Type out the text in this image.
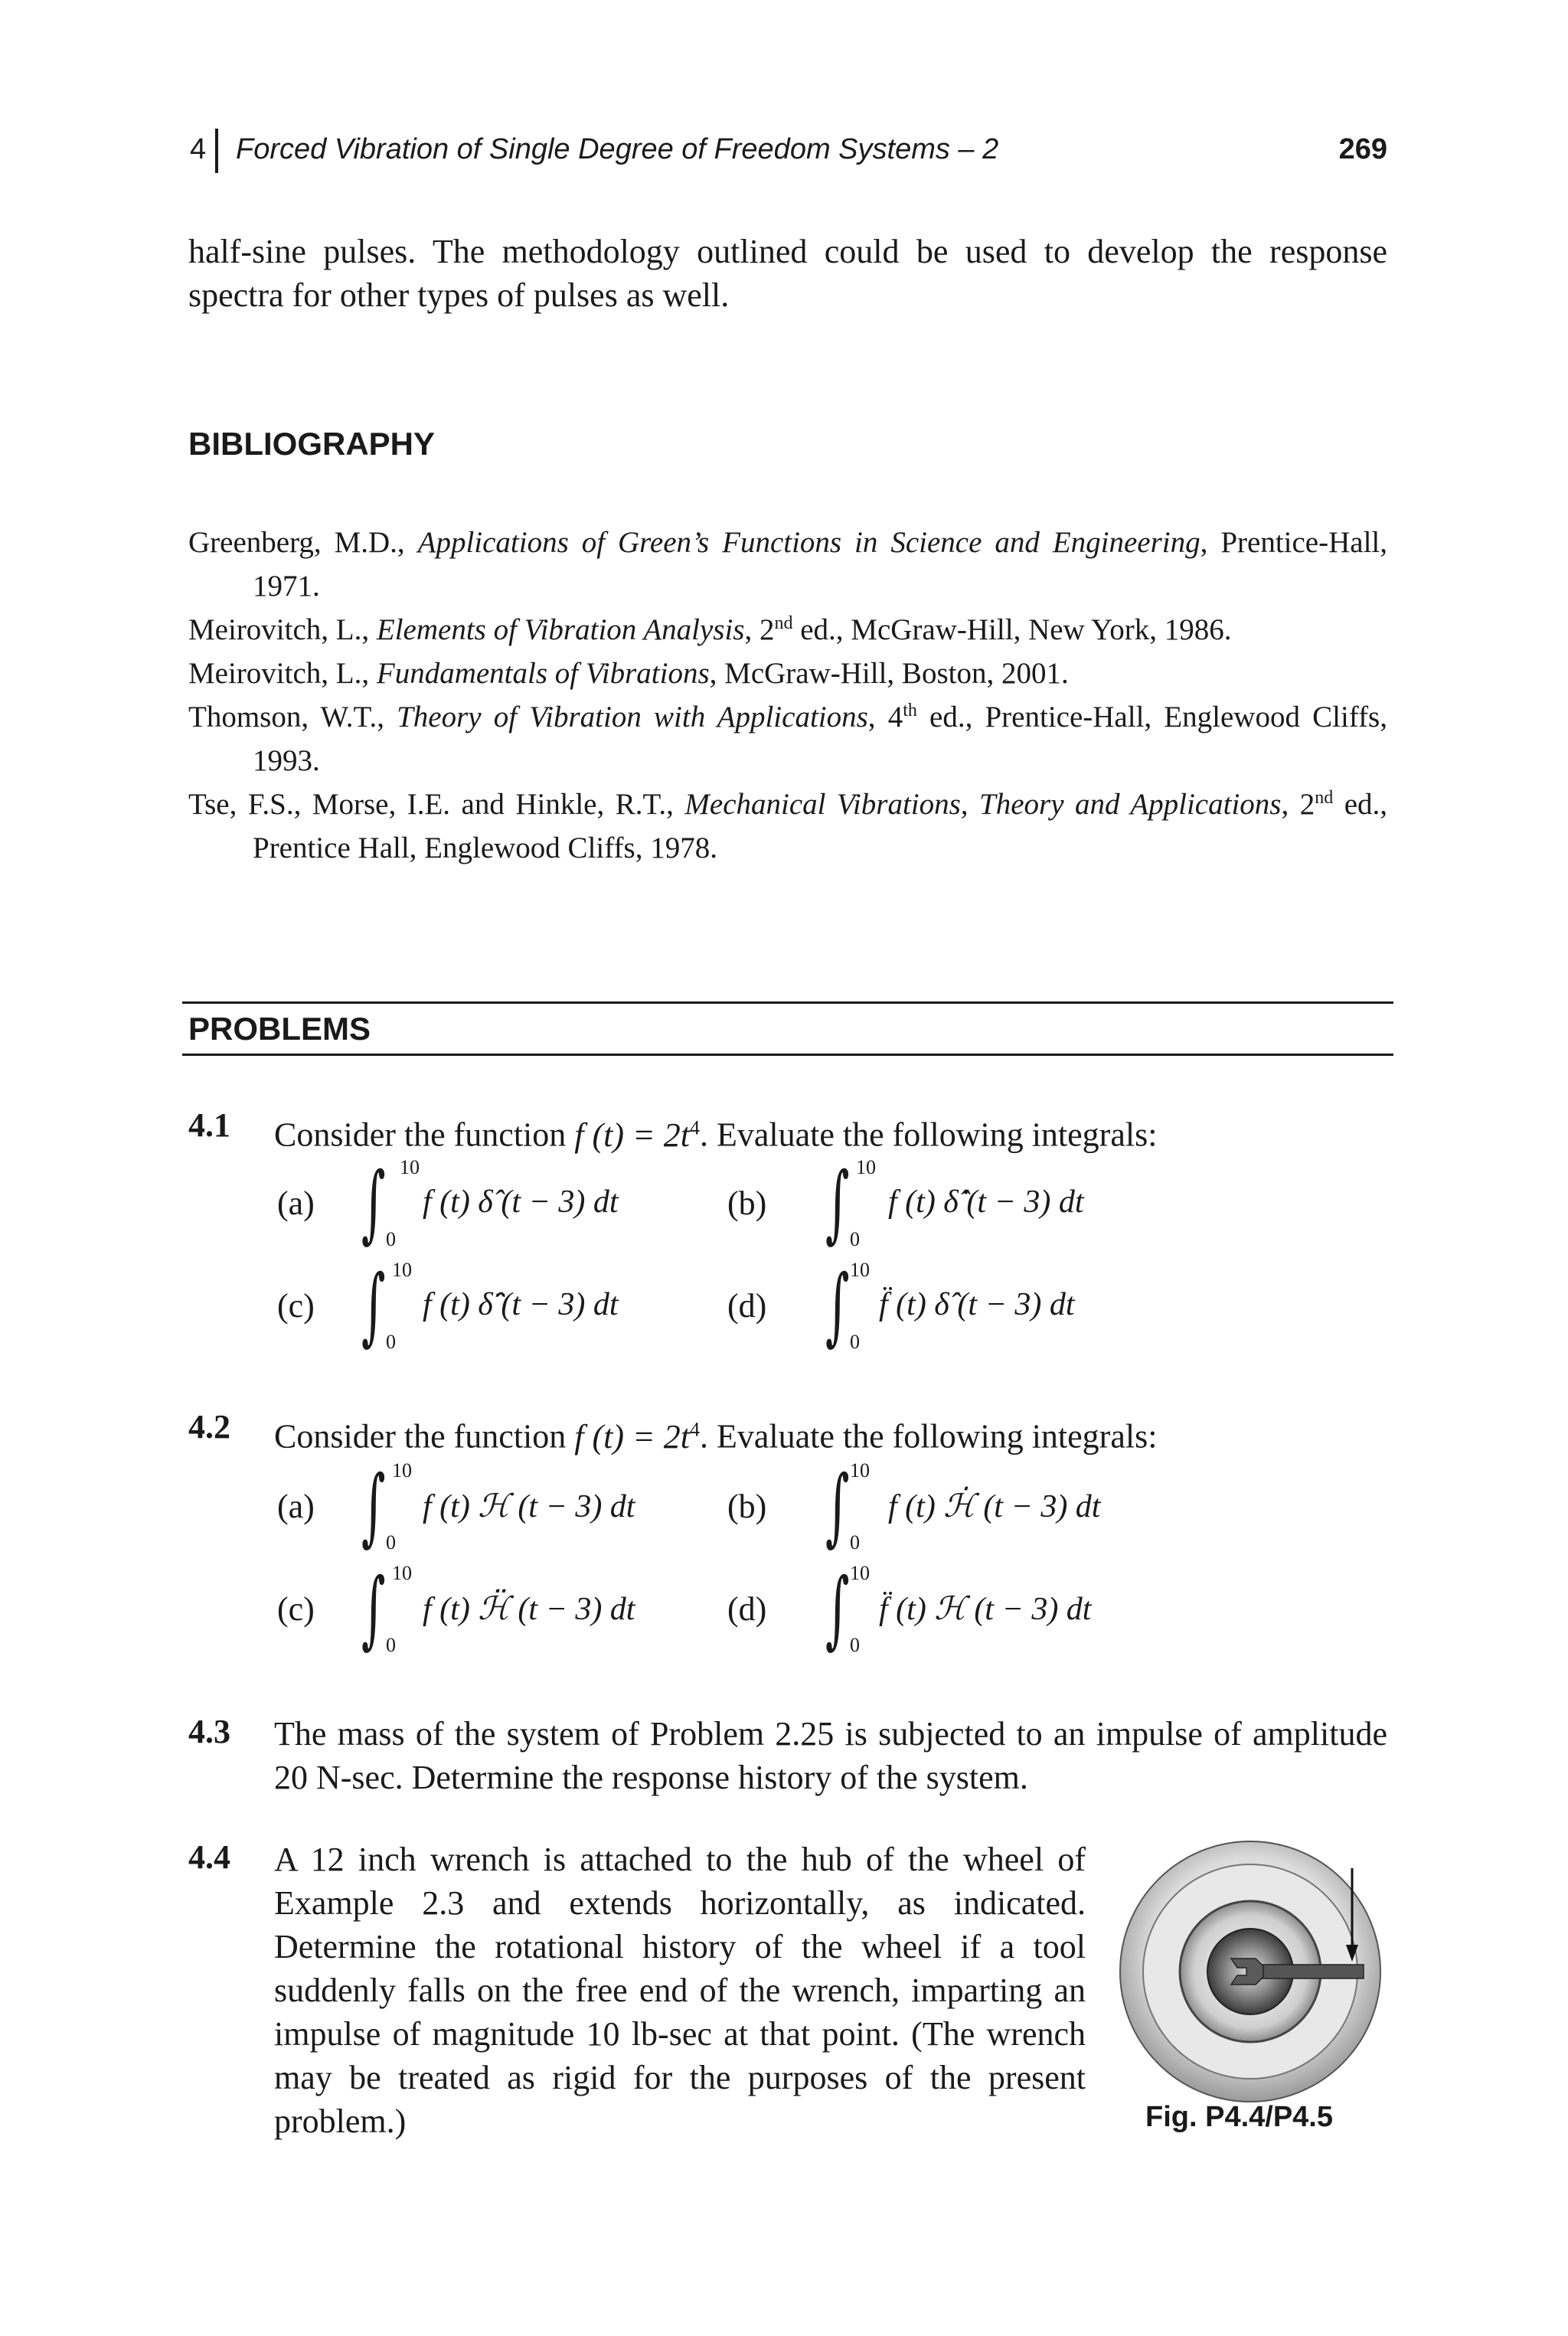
4 Forced Vibration of Single Degree of Freedom Systems – 2	269
half-sine pulses. The methodology outlined could be used to develop the response spectra for other types of pulses as well.
BIBLIOGRAPHY
Greenberg, M.D., Applications of Green’s Functions in Science and Engineering, Prentice-Hall, 1971.
Meirovitch, L., Elements of Vibration Analysis, 2nd ed., McGraw-Hill, New York, 1986.
Meirovitch, L., Fundamentals of Vibrations, McGraw-Hill, Boston, 2001.
Thomson, W.T., Theory of Vibration with Applications, 4th ed., Prentice-Hall, Englewood Cliffs, 1993.
Tse, F.S., Morse, I.E. and Hinkle, R.T., Mechanical Vibrations, Theory and Applications, 2nd ed., Prentice Hall, Englewood Cliffs, 1978.
PROBLEMS
4.1 Consider the function f $(t) = 2t^4$. Evaluate the following integrals:
(a) ∫ 10
0
f (t) δ̂ (t − 3) dt	(b) ∫ 10
0
f (t) δ̂̇ (t − 3) dt
(c) ∫ 10
0
f (t) δ̂̈ (t − 3) dt	(d) ∫ 10
0
f̈ (t) δ̂ (t − 3) dt
4.2 Consider the function f $(t) = 2t^4$. Evaluate the following integrals:
(a) ∫ 10
0
f (t) ℋ (t − 3) dt	(b) ∫ 10
0
f (t) ℋ̇ (t − 3) dt
(c) ∫ 10
0
f (t) ℋ̈ (t − 3) dt	(d) ∫ 10
0
f̈ (t) ℋ (t − 3) dt
4.3 The mass of the system of Problem 2.25 is subjected to an impulse of amplitude 20 N-sec. Determine the response history of the system.
4.4 A 12 inch wrench is attached to the hub of the wheel of Example 2.3 and extends horizontally, as indicated. Determine the rotational history of the wheel if a tool suddenly falls on the free end of the wrench, imparting an impulse of magnitude 10 lb-sec at that point. (The wrench may be treated as rigid for the purposes of the present problem.)	Fig. P4.4/P4.5
